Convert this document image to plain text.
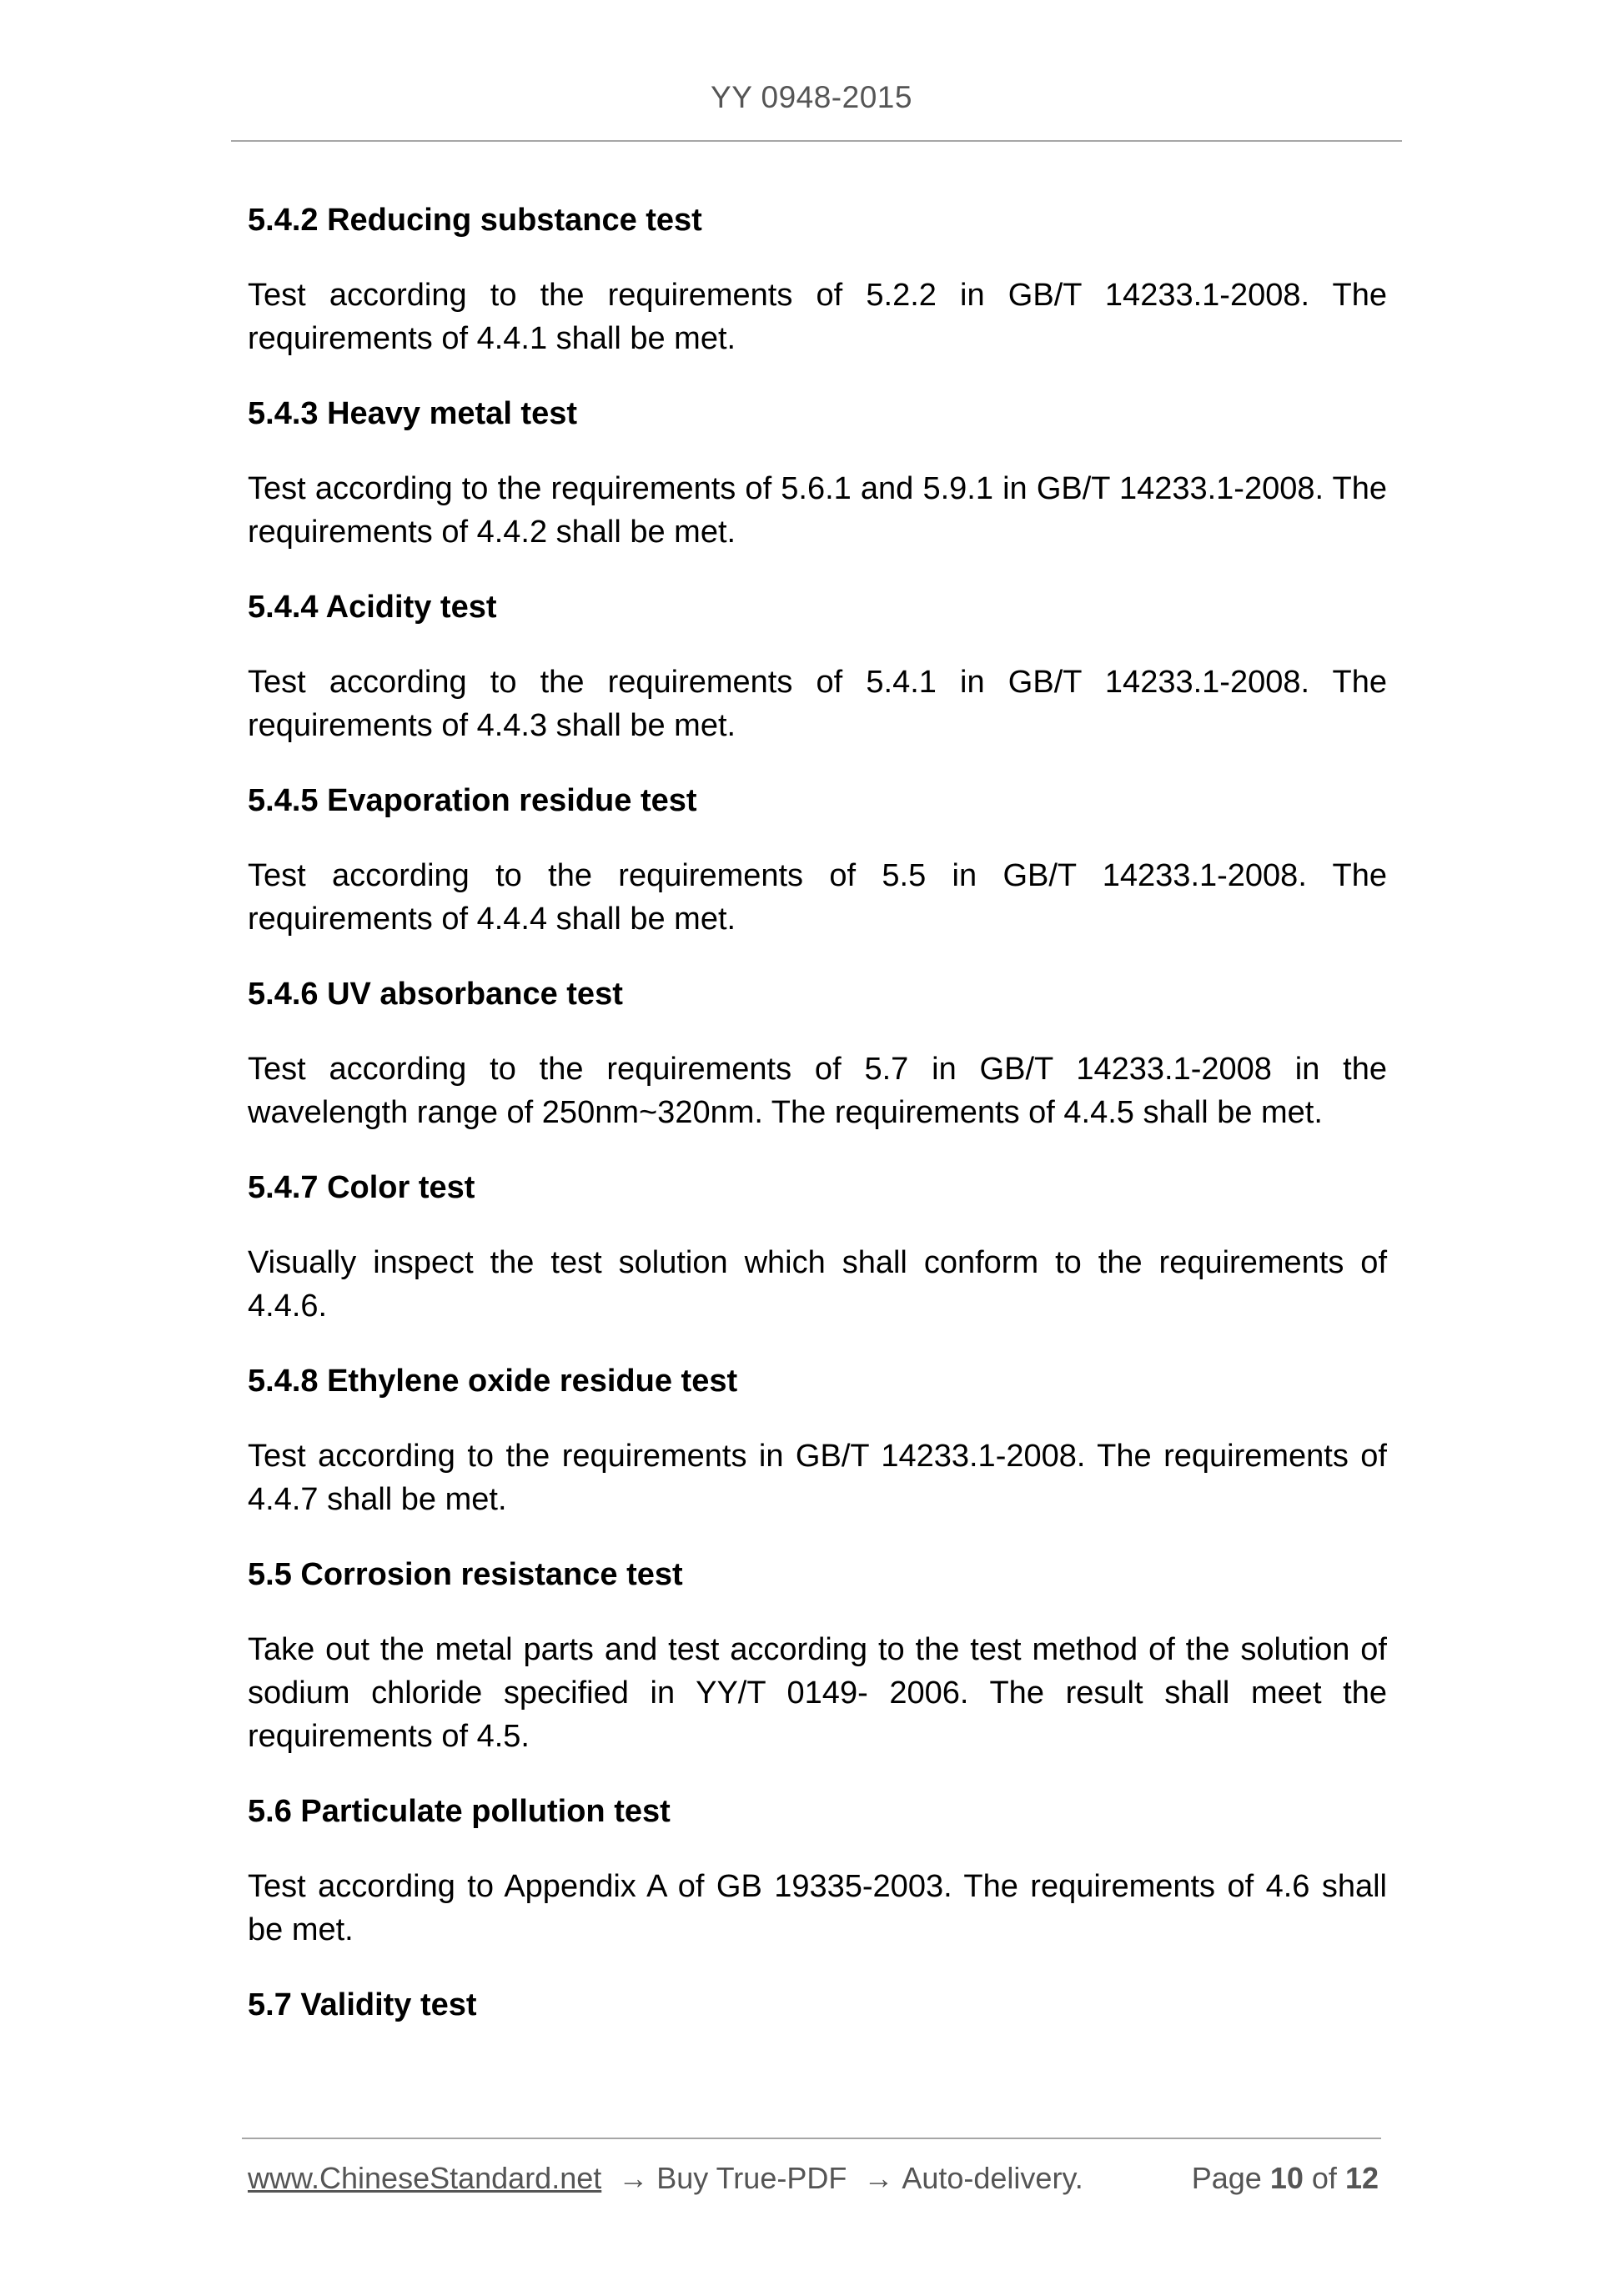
YY 0948-2015

5.4.2 Reducing substance test

Test according to the requirements of 5.2.2 in GB/T 14233.1-2008. The requirements of 4.4.1 shall be met.

5.4.3 Heavy metal test

Test according to the requirements of 5.6.1 and 5.9.1 in GB/T 14233.1-2008. The requirements of 4.4.2 shall be met.

5.4.4 Acidity test

Test according to the requirements of 5.4.1 in GB/T 14233.1-2008. The requirements of 4.4.3 shall be met.

5.4.5 Evaporation residue test

Test according to the requirements of 5.5 in GB/T 14233.1-2008. The requirements of 4.4.4 shall be met.

5.4.6 UV absorbance test

Test according to the requirements of 5.7 in GB/T 14233.1-2008 in the wavelength range of 250nm~320nm. The requirements of 4.4.5 shall be met.

5.4.7 Color test

Visually inspect the test solution which shall conform to the requirements of 4.4.6.

5.4.8 Ethylene oxide residue test

Test according to the requirements in GB/T 14233.1-2008. The requirements of 4.4.7 shall be met.

5.5 Corrosion resistance test

Take out the metal parts and test according to the test method of the solution of sodium chloride specified in YY/T 0149- 2006. The result shall meet the requirements of 4.5.

5.6 Particulate pollution test

Test according to Appendix A of GB 19335-2003. The requirements of 4.6 shall be met.

5.7 Validity test

www.ChineseStandard.net → Buy True-PDF → Auto-delivery.	Page 10 of 12
